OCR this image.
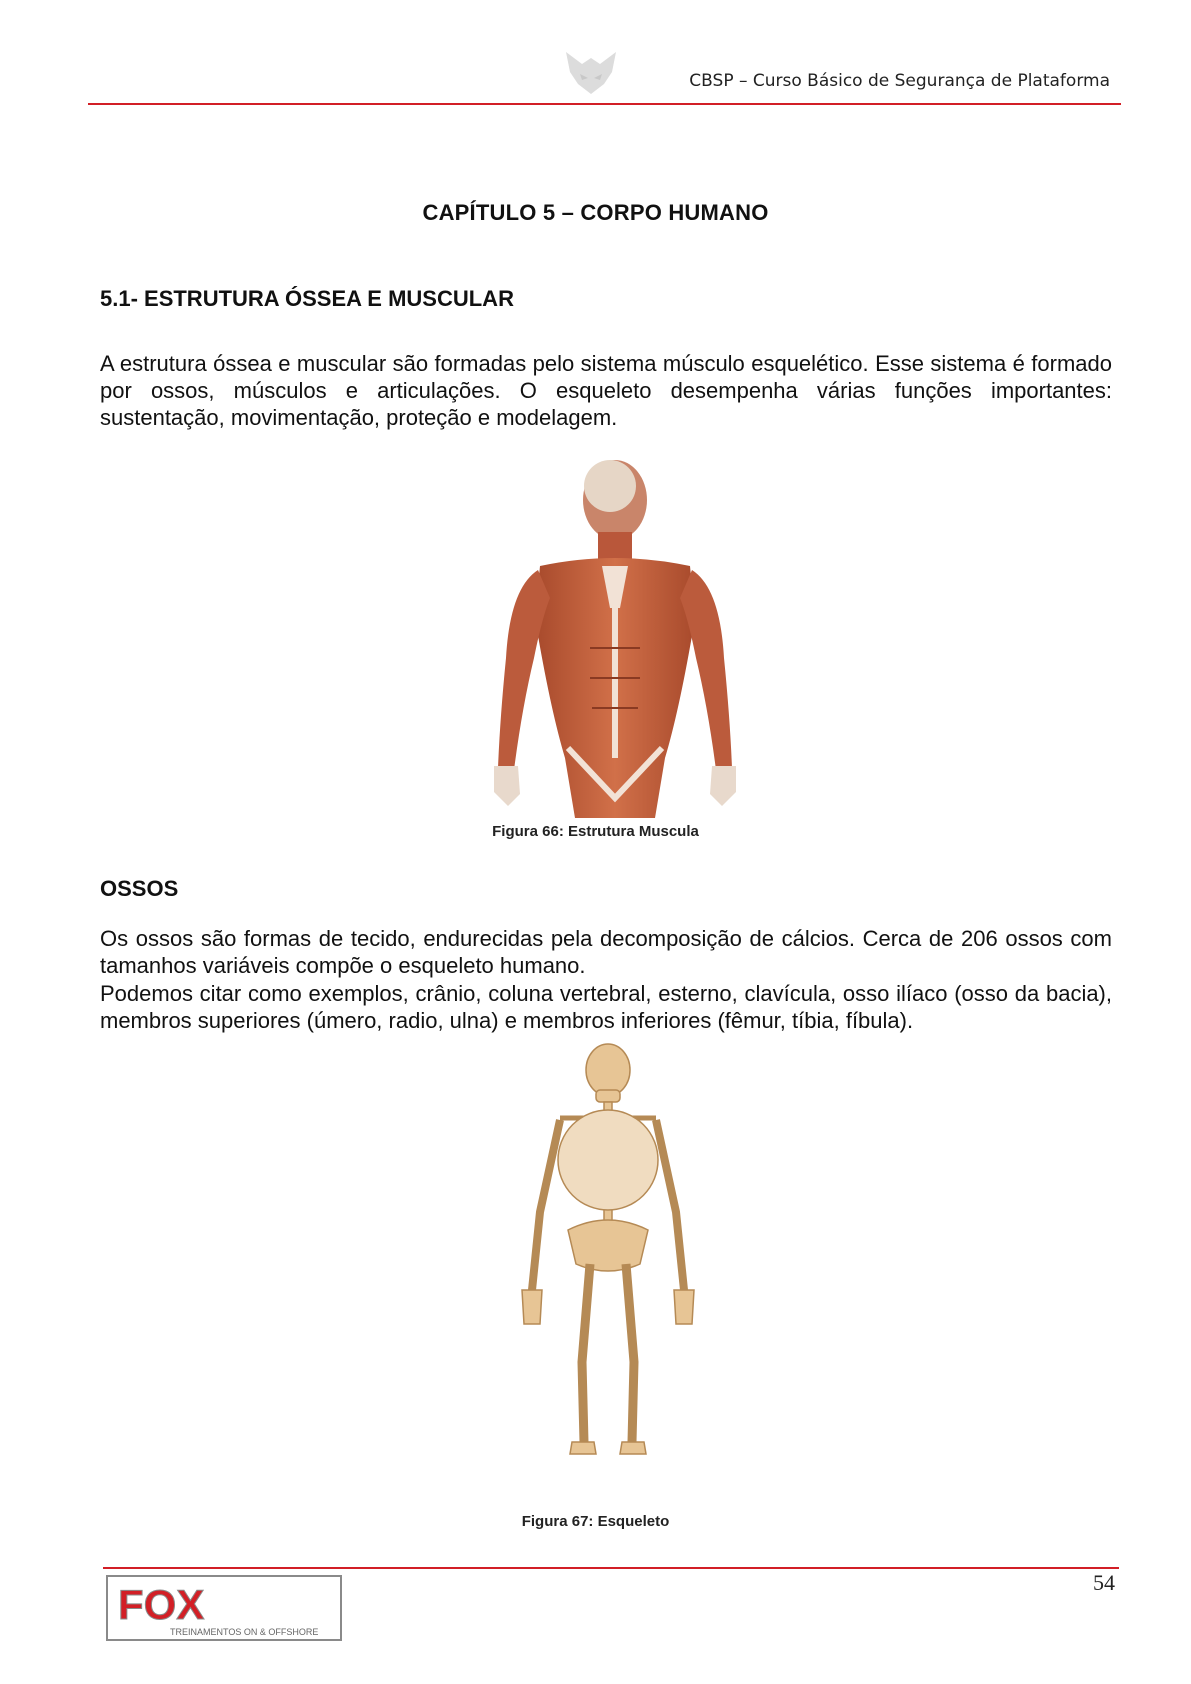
CBSP – Curso Básico de Segurança de Plataforma
CAPÍTULO 5 – CORPO HUMANO
5.1- ESTRUTURA ÓSSEA E MUSCULAR

A estrutura óssea e muscular são formadas pelo sistema músculo esquelético. Esse sistema é formado por ossos, músculos e articulações. O esqueleto desempenha várias funções importantes: sustentação, movimentação, proteção e modelagem.

Figura 66: Estrutura Muscula
OSSOS

Os ossos são formas de tecido, endurecidas pela decomposição de cálcios. Cerca de 206 ossos com tamanhos variáveis compõe o esqueleto humano.

Podemos citar como exemplos, crânio, coluna vertebral, esterno, clavícula, osso ilíaco (osso da bacia), membros superiores (úmero, radio, ulna) e membros inferiores (fêmur, tíbia, fíbula).

Figura 67: Esqueleto
54
FOX
TREINAMENTOS ON & OFFSHORE
